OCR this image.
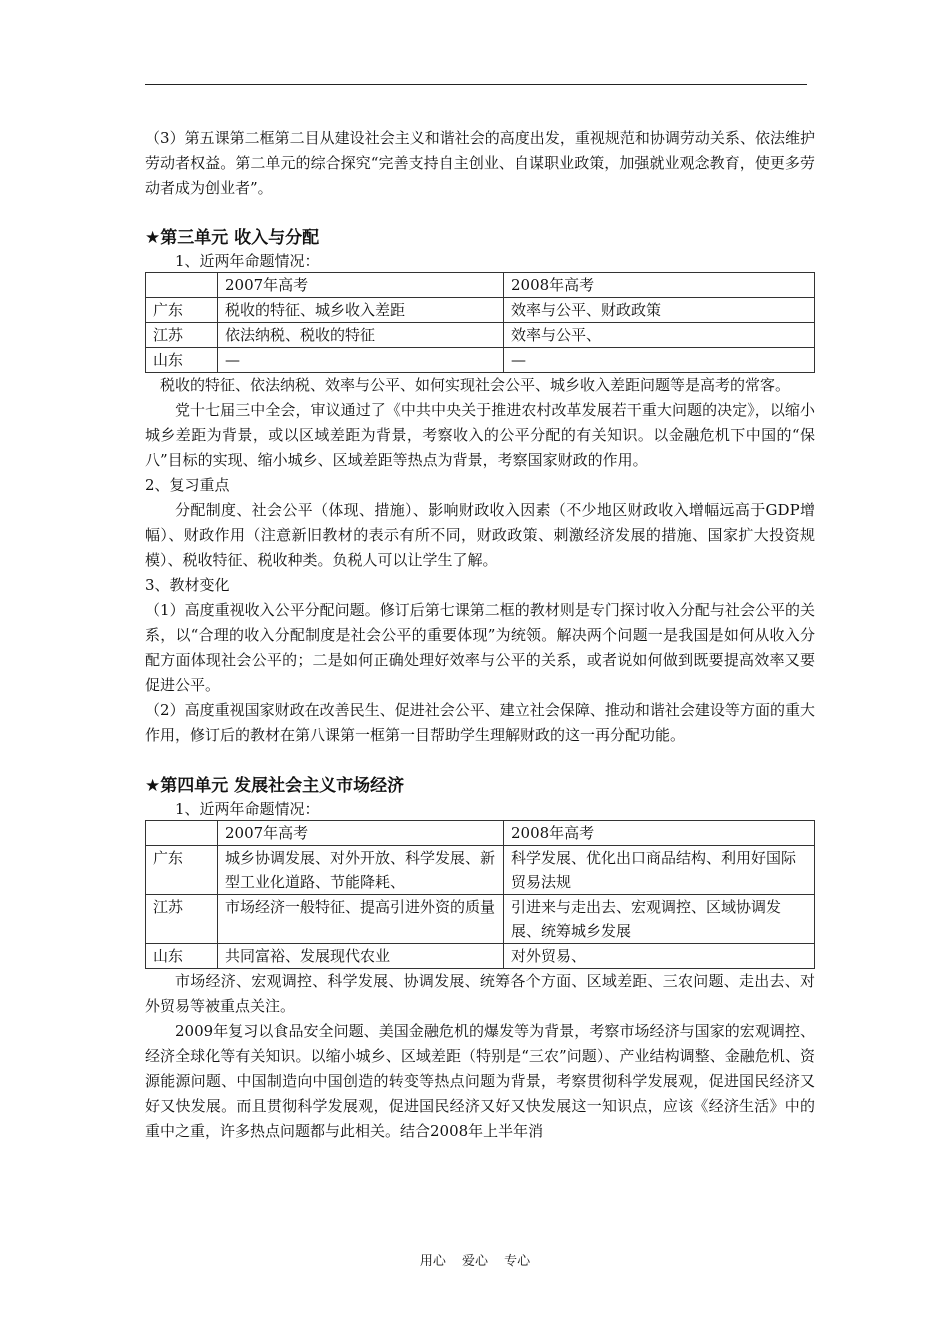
（3）第五课第二框第二目从建设社会主义和谐社会的高度出发，重视规范和协调劳动关系、依法维护劳动者权益。第二单元的综合探究“完善支持自主创业、自谋职业政策，加强就业观念教育，使更多劳动者成为创业者”。

★第三单元 收入与分配

1、近两年命题情况：

	2007年高考	2008年高考
广东	税收的特征、城乡收入差距	效率与公平、财政政策
江苏	依法纳税、税收的特征	效率与公平、
山东	—	—

税收的特征、依法纳税、效率与公平、如何实现社会公平、城乡收入差距问题等是高考的常客。

党十七届三中全会，审议通过了《中共中央关于推进农村改革发展若干重大问题的决定》，以缩小城乡差距为背景，或以区域差距为背景，考察收入的公平分配的有关知识。以金融危机下中国的“保八”目标的实现、缩小城乡、区域差距等热点为背景，考察国家财政的作用。

2、复习重点

分配制度、社会公平（体现、措施）、影响财政收入因素（不少地区财政收入增幅远高于GDP增幅）、财政作用（注意新旧教材的表示有所不同，财政政策、刺激经济发展的措施、国家扩大投资规模）、税收特征、税收种类。负税人可以让学生了解。

3、教材变化

（1）高度重视收入公平分配问题。修订后第七课第二框的教材则是专门探讨收入分配与社会公平的关系，以“合理的收入分配制度是社会公平的重要体现”为统领。解决两个问题一是我国是如何从收入分配方面体现社会公平的；二是如何正确处理好效率与公平的关系，或者说如何做到既要提高效率又要促进公平。

（2）高度重视国家财政在改善民生、促进社会公平、建立社会保障、推动和谐社会建设等方面的重大作用，修订后的教材在第八课第一框第一目帮助学生理解财政的这一再分配功能。

★第四单元 发展社会主义市场经济

1、近两年命题情况：

	2007年高考	2008年高考
广东	城乡协调发展、对外开放、科学发展、新型工业化道路、节能降耗、	科学发展、优化出口商品结构、利用好国际贸易法规
江苏	市场经济一般特征、提高引进外资的质量	引进来与走出去、宏观调控、区域协调发展、统筹城乡发展
山东	共同富裕、发展现代农业	对外贸易、

市场经济、宏观调控、科学发展、协调发展、统筹各个方面、区域差距、三农问题、走出去、对外贸易等被重点关注。

2009年复习以食品安全问题、美国金融危机的爆发等为背景，考察市场经济与国家的宏观调控、经济全球化等有关知识。以缩小城乡、区域差距（特别是“三农”问题）、产业结构调整、金融危机、资源能源问题、中国制造向中国创造的转变等热点问题为背景，考察贯彻科学发展观，促进国民经济又好又快发展。而且贯彻科学发展观，促进国民经济又好又快发展这一知识点，应该《经济生活》中的重中之重，许多热点问题都与此相关。结合2008年上半年消

用心 爱心 专心
